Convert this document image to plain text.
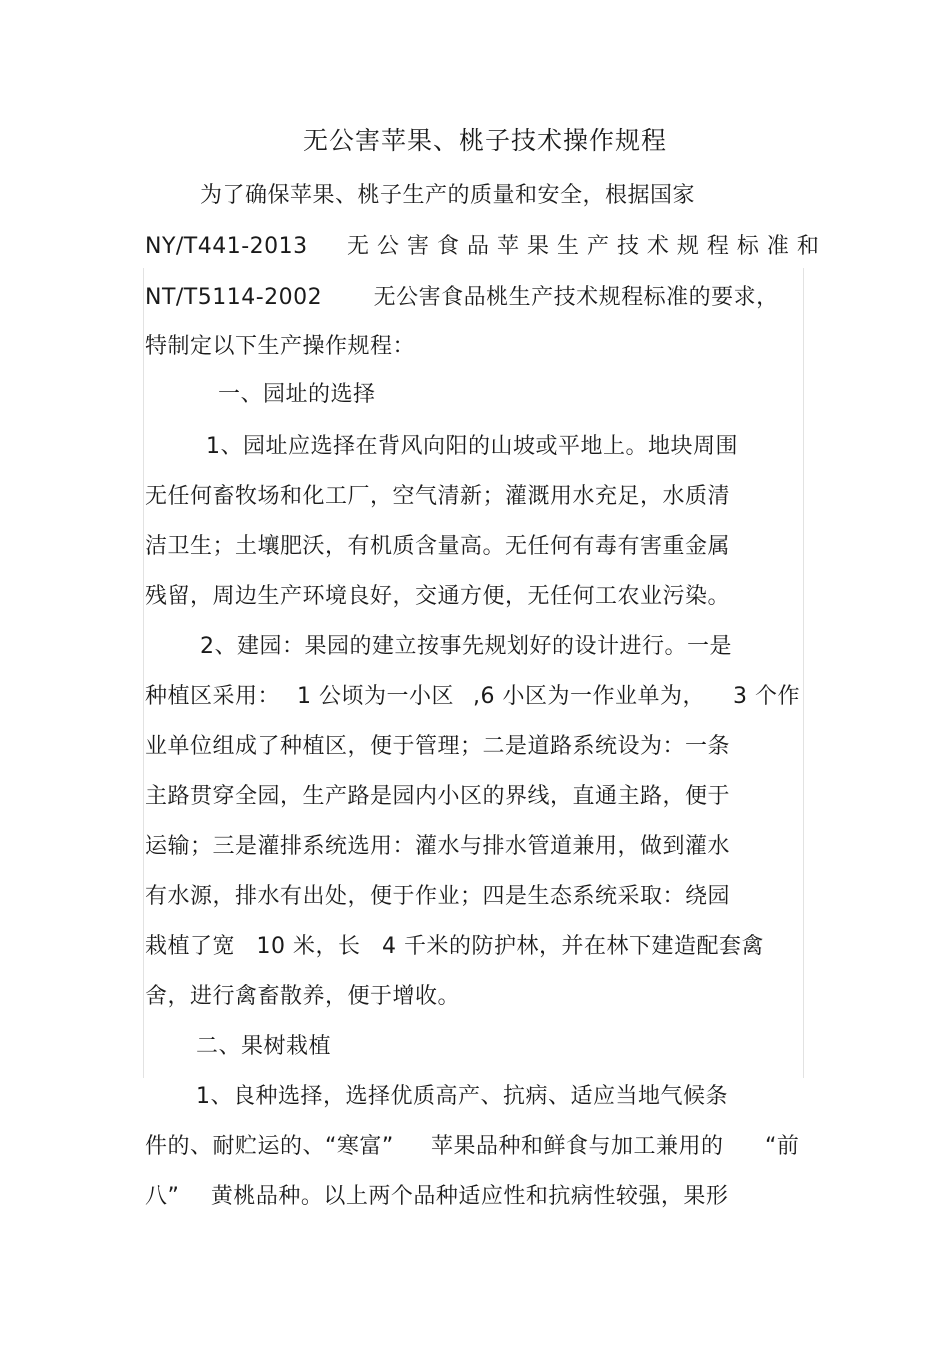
无公害苹果、桃子技术操作规程
为了确保苹果、桃子生产的质量和安全，根据国家
NY/T441-2013 无 公 害 食 品 苹 果 生 产 技 术 规 程 标 准 和
NT/T5114-2002 无公害食品桃生产技术规程标准的要求，
特制定以下生产操作规程：
一、园址的选择
1、园址应选择在背风向阳的山坡或平地上。地块周围
无任何畜牧场和化工厂，空气清新；灌溉用水充足，水质清
洁卫生；土壤肥沃，有机质含量高。无任何有毒有害重金属
残留，周边生产环境良好，交通方便，无任何工农业污染。
2、建园：果园的建立按事先规划好的设计进行。一是
种植区采用： 1 公顷为一小区 ,6 小区为一作业单为， 3 个作
业单位组成了种植区，便于管理；二是道路系统设为：一条
主路贯穿全园，生产路是园内小区的界线，直通主路，便于
运输；三是灌排系统选用：灌水与排水管道兼用，做到灌水
有水源，排水有出处，便于作业；四是生态系统采取：绕园
栽植了宽 10 米，长 4 千米的防护林，并在林下建造配套禽
舍，进行禽畜散养，便于增收。
二、果树栽植
1、良种选择，选择优质高产、抗病、适应当地气候条
件的、耐贮运的、“寒富” 苹果品种和鲜食与加工兼用的 “前
八” 黄桃品种。以上两个品种适应性和抗病性较强，果形
